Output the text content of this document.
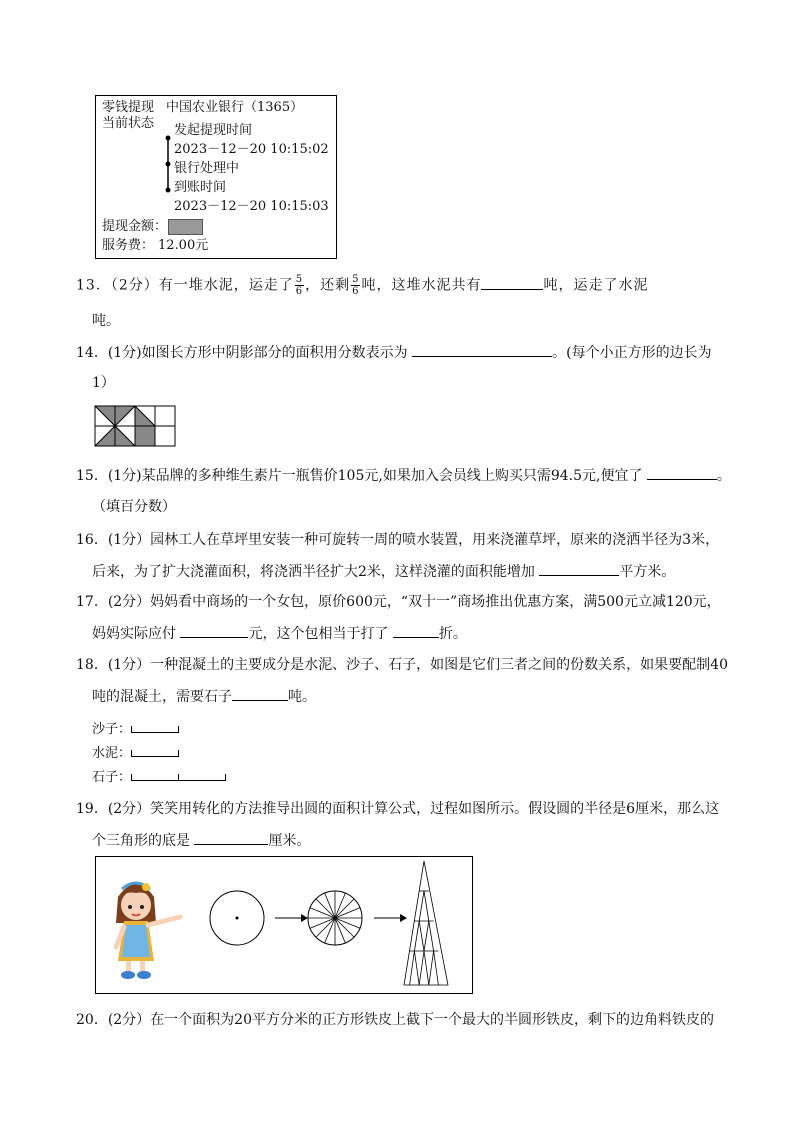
零钱提现
当前状态
中国农业银行（1365）
发起提现时间
2023－12－20 10:15:02
银行处理中
到账时间
2023－12－20 10:15:03
提现金额：
服务费： 12.00元
13．（2分）有一堆水泥，运走了 $\frac{5}{6}$ ，还剩 $\frac{5}{6}$ 吨，这堆水泥共有	吨，运走了水泥
吨。
14．(1分)如图长方形中阴影部分的面积用分数表示为	。(每个小正方形的边长为
1）
15．(1分)某品牌的多种维生素片一瓶售价105元,如果加入会员线上购买只需94.5元,便宜了	。
（填百分数）
16．(1分）园林工人在草坪里安装一种可旋转一周的喷水装置，用来浇灌草坪，原来的浇洒半径为3米，
后来，为了扩大浇灌面积，将浇洒半径扩大2米，这样浇灌的面积能增加	平方米。
17．(2分）妈妈看中商场的一个女包，原价600元，“双十一”商场推出优惠方案，满500元立减120元，
妈妈实际应付	元，这个包相当于打了	折。
18．(1分）一种混凝土的主要成分是水泥、沙子、石子，如图是它们三者之间的份数关系，如果要配制40
吨的混凝土，需要石子	吨。
沙子：
水泥：
石子：
19．(2分）笑笑用转化的方法推导出圆的面积计算公式，过程如图所示。假设圆的半径是6厘米，那么这
个三角形的底是	厘米。
20．(2分）在一个面积为20平方分米的正方形铁皮上截下一个最大的半圆形铁皮，剩下的边角料铁皮的
